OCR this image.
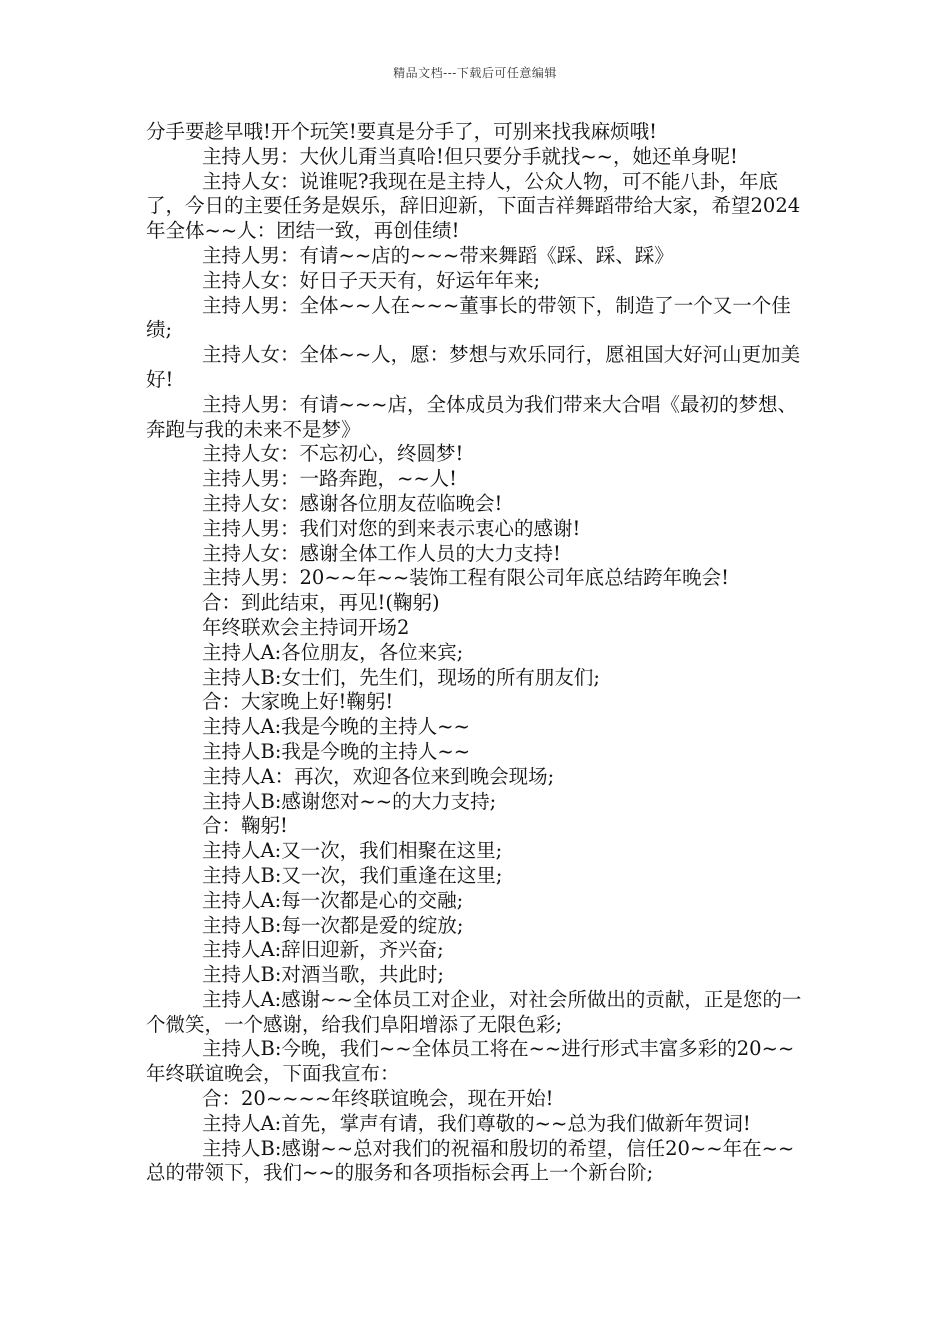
精品文档---下载后可任意编辑

分手要趁早哦!开个玩笑!要真是分手了，可别来找我麻烦哦!

主持人男：大伙儿甭当真哈!但只要分手就找~~，她还单身呢!

主持人女：说谁呢?我现在是主持人，公众人物，可不能八卦，年底了，今日的主要任务是娱乐，辞旧迎新，下面吉祥舞蹈带给大家，希望2024年全体~~人：团结一致，再创佳绩!

主持人男：有请~~店的~~~带来舞蹈《踩、踩、踩》

主持人女：好日子天天有，好运年年来;

主持人男：全体~~人在~~~董事长的带领下，制造了一个又一个佳绩;

主持人女：全体~~人，愿：梦想与欢乐同行，愿祖国大好河山更加美好!

主持人男：有请~~~店，全体成员为我们带来大合唱《最初的梦想、奔跑与我的未来不是梦》

主持人女：不忘初心，终圆梦!

主持人男：一路奔跑，~~人!

主持人女：感谢各位朋友莅临晚会!

主持人男：我们对您的到来表示衷心的感谢!

主持人女：感谢全体工作人员的大力支持!

主持人男：20~~年~~装饰工程有限公司年底总结跨年晚会!

合：到此结束，再见!(鞠躬)

年终联欢会主持词开场2

主持人A:各位朋友，各位来宾;

主持人B:女士们，先生们，现场的所有朋友们;

合：大家晚上好!鞠躬!

主持人A:我是今晚的主持人~~

主持人B:我是今晚的主持人~~

主持人A：再次，欢迎各位来到晚会现场;

主持人B:感谢您对~~的大力支持;

合：鞠躬!

主持人A:又一次，我们相聚在这里;

主持人B:又一次，我们重逢在这里;

主持人A:每一次都是心的交融;

主持人B:每一次都是爱的绽放;

主持人A:辞旧迎新，齐兴奋;

主持人B:对酒当歌，共此时;

主持人A:感谢~~全体员工对企业，对社会所做出的贡献，正是您的一个微笑，一个感谢，给我们阜阳增添了无限色彩;

主持人B:今晚，我们~~全体员工将在~~进行形式丰富多彩的20~~年终联谊晚会，下面我宣布：

合：20~~~~年终联谊晚会，现在开始!

主持人A:首先，掌声有请，我们尊敬的~~总为我们做新年贺词!

主持人B:感谢~~总对我们的祝福和殷切的希望，信任20~~年在~~总的带领下，我们~~的服务和各项指标会再上一个新台阶;
